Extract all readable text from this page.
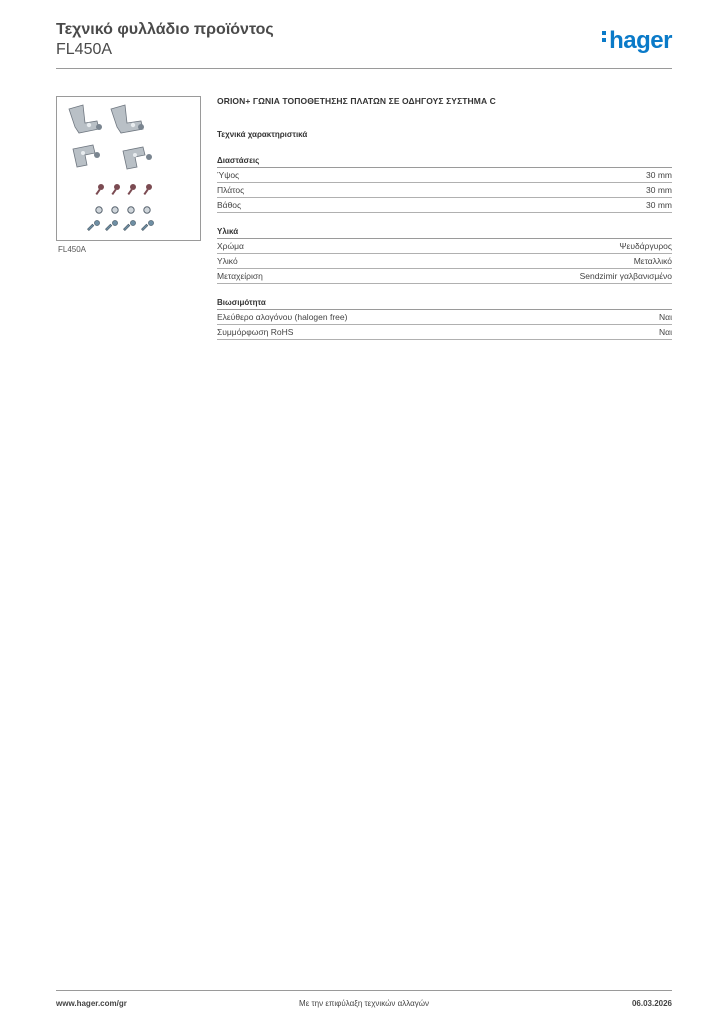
Τεχνικό φυλλάδιο προϊόντος
FL450A	hager
FL450A
ORION+ ΓΩΝΙΑ ΤΟΠΟΘΕΤΗΣΗΣ ΠΛΑΤΩΝ ΣΕ ΟΔΗΓΟΥΣ ΣΥΣΤΗΜΑ C
Τεχνικά χαρακτηριστικά
Διαστάσεις
Ύψος	30 mm
Πλάτος	30 mm
Βάθος	30 mm
Υλικά
Χρώμα	Ψευδάργυρος
Υλικό	Μεταλλικό
Μεταχείριση	Sendzimir γαλβανισμένο
Βιωσιμότητα
Ελεύθερο αλογόνου (halogen free)	Ναι
Συμμόρφωση RoHS	Ναι
www.hager.com/gr	Με την επιφύλαξη τεχνικών αλλαγών	06.03.2026
